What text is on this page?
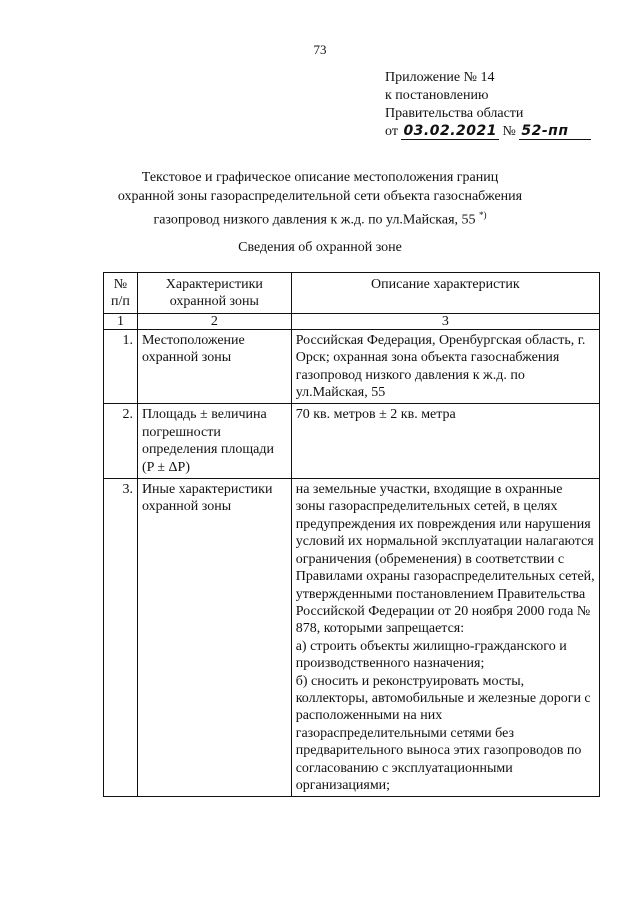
73
Приложение № 14
к постановлению
Правительства области
от 03.02.2021 № 52-пп
Текстовое и графическое описание местоположения границ
охранной зоны газораспределительной сети объекта газоснабжения
газопровод низкого давления к ж.д. по ул.Майская, 55 *)
Сведения об охранной зоне
№ п/п	Характеристики охранной зоны	Описание характеристик
1	2	3
1.	Местоположение охранной зоны	Российская Федерация, Оренбургская область, г. Орск; охранная зона объекта газоснабжения газопровод низкого давления к ж.д. по ул.Майская, 55

2.	Площадь ± величина погрешности определения площади (P ± ΔP)	70 кв. метров ± 2 кв. метра

3.	Иные характеристики охранной зоны	на земельные участки, входящие в охранные зоны газораспределительных сетей, в целях предупреждения их повреждения или нарушения условий их нормальной эксплуатации налагаются ограничения (обременения) в соответствии с Правилами охраны газораспределительных сетей, утвержденными постановлением Правительства Российской Федерации от 20 ноября 2000 года № 878, которыми запрещается:
а) строить объекты жилищно-гражданского и производственного назначения;
б) сносить и реконструировать мосты, коллекторы, автомобильные и железные дороги с расположенными на них газораспределительными сетями без предварительного выноса этих газопроводов по согласованию с эксплуатационными организациями;
